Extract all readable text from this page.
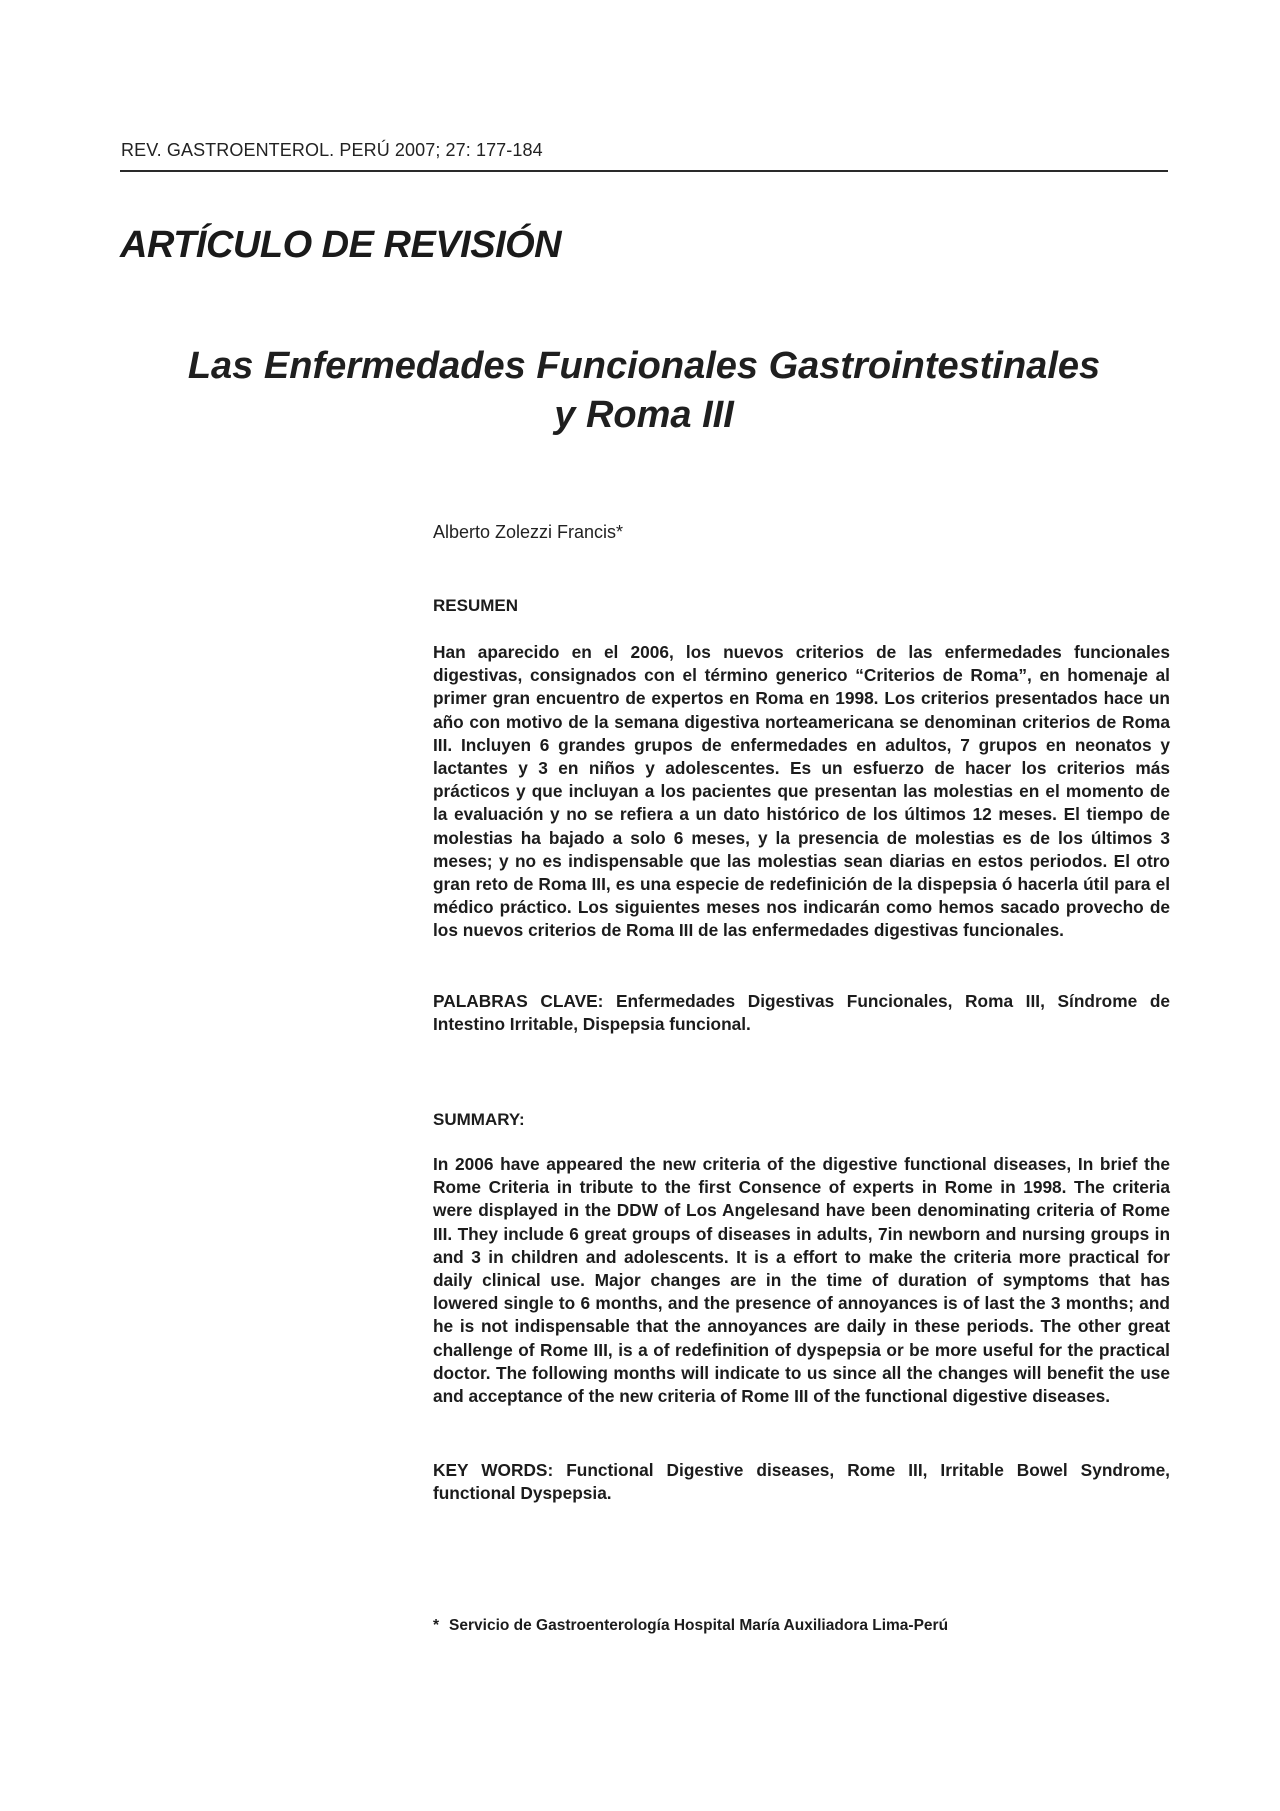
REV. GASTROENTEROL. PERÚ 2007; 27: 177-184
ARTÍCULO DE REVISIÓN
Las Enfermedades Funcionales Gastrointestinales
y Roma III
Alberto Zolezzi Francis*
RESUMEN
Han aparecido en el 2006, los nuevos criterios de las enfermedades funcionales digestivas, consignados con el término generico “Criterios de Roma”, en homenaje al primer gran encuentro de expertos en Roma en 1998. Los criterios presentados hace un año con motivo de la semana digestiva norteamericana se denominan criterios de Roma III. Incluyen 6 grandes grupos de enfermedades en adultos, 7 grupos en neonatos y lactantes y 3 en niños y adolescentes. Es un esfuerzo de hacer los criterios más prácticos y que incluyan a los pacientes que presentan las molestias en el momento de la evaluación y no se refiera a un dato histórico de los últimos 12 meses. El tiempo de molestias ha bajado a solo 6 meses, y la presencia de molestias es de los últimos 3 meses; y no es indispensable que las molestias sean diarias en estos periodos. El otro gran reto de Roma III, es una especie de redefinición de la dispepsia ó hacerla útil para el médico práctico. Los siguientes meses nos indicarán como hemos sacado provecho de los nuevos criterios de Roma III de las enfermedades digestivas funcionales.
PALABRAS CLAVE: Enfermedades Digestivas Funcionales, Roma III, Síndrome de Intestino Irritable, Dispepsia funcional.
SUMMARY:
In 2006 have appeared the new criteria of the digestive functional diseases, In brief the Rome Criteria in tribute to the first Consence of experts in Rome in 1998. The criteria were displayed in the DDW of Los Angelesand have been denominating criteria of Rome III. They include 6 great groups of diseases in adults, 7in newborn and nursing groups in and 3 in children and adolescents. It is a effort to make the criteria more practical for daily clinical use. Major changes are in the time of duration of symptoms that has lowered single to 6 months, and the presence of annoyances is of last the 3 months; and he is not indispensable that the annoyances are daily in these periods. The other great challenge of Rome III, is a of redefinition of dyspepsia or be more useful for the practical doctor. The following months will indicate to us since all the changes will benefit the use and acceptance of the new criteria of Rome III of the functional digestive diseases.
KEY WORDS: Functional Digestive diseases, Rome III, Irritable Bowel Syndrome, functional Dyspepsia.
* Servicio de Gastroenterología Hospital María Auxiliadora Lima-Perú
